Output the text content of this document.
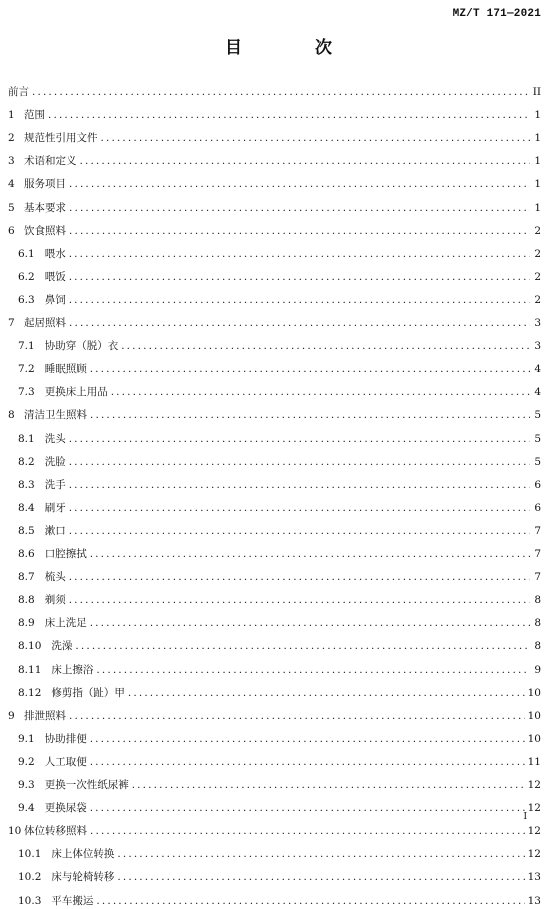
MZ/T 171—2021
目　次
前言 . . .	II
1 范围 . . .	1
2 规范性引用文件 . . .	1
3 术语和定义 . . .	1
4 服务项目 . . .	1
5 基本要求 . . .	1
6 饮食照料 . . .	2
6.1 喂水 . . .	2
6.2 喂饭 . . .	2
6.3 鼻饲 . . .	2
7 起居照料 . . .	3
7.1 协助穿（脱）衣 . . .	3
7.2 睡眠照顾 . . .	4
7.3 更换床上用品 . . .	4
8 清洁卫生照料 . . .	5
8.1 洗头 . . .	5
8.2 洗脸 . . .	5
8.3 洗手 . . .	6
8.4 刷牙 . . .	6
8.5 漱口 . . .	7
8.6 口腔擦拭 . . .	7
8.7 梳头 . . .	7
8.8 剃须 . . .	8
8.9 床上洗足 . . .	8
8.10 洗澡 . . .	8
8.11 床上擦浴 . . .	9
8.12 修剪指（趾）甲 . . .	10
9 排泄照料 . . .	10
9.1 协助排便 . . .	10
9.2 人工取便 . . .	11
9.3 更换一次性纸尿裤 . . .	12
9.4 更换尿袋 . . .	12
10 体位转移照料 . . .	12
10.1 床上体位转换 . . .	12
10.2 床与轮椅转移 . . .	13
10.3 平车搬运 . . .	13
I
